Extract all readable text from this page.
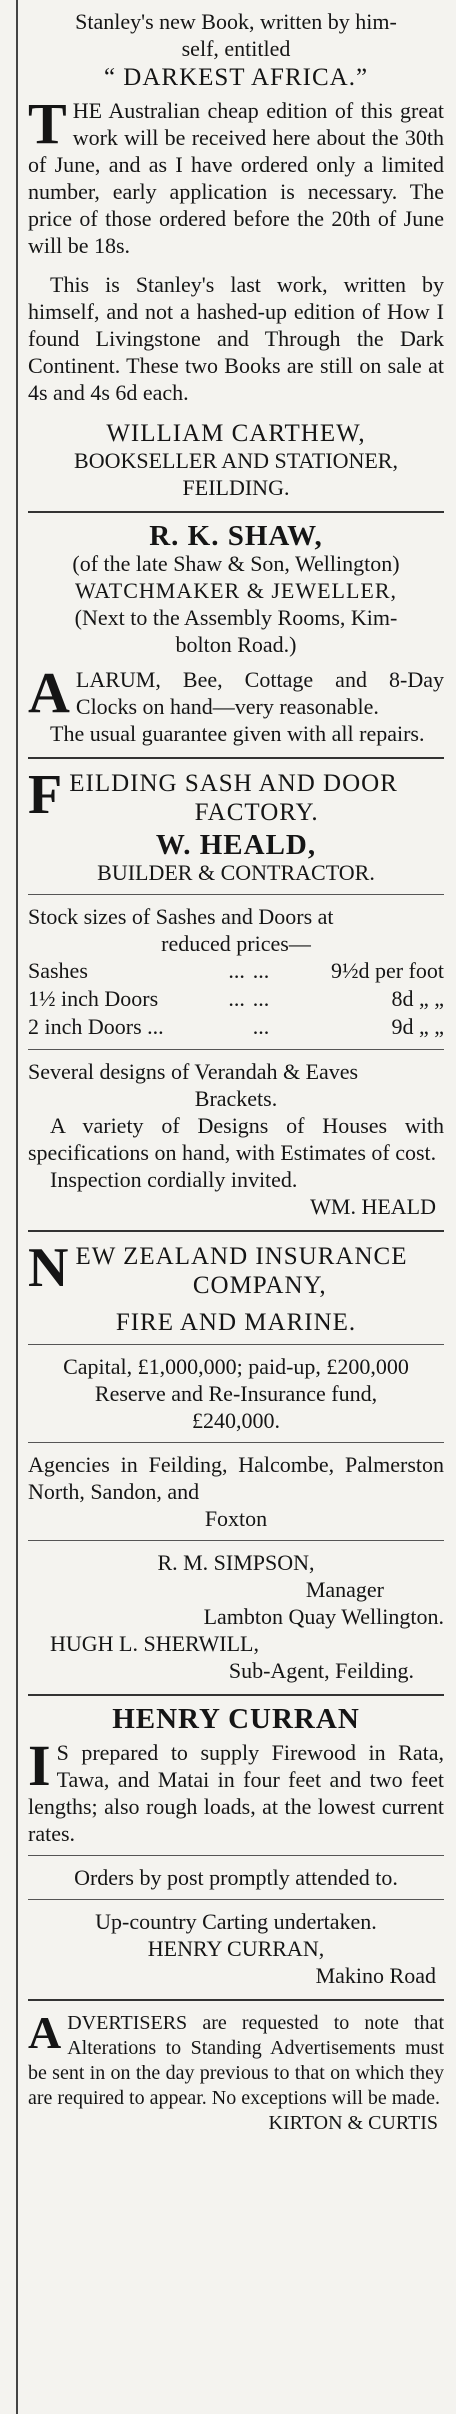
Stanley's new Book, written by him-

self, entitled

“ DARKEST AFRICA.”

T HE Australian cheap edition of this great work will be received here about the 30th of June, and as I have ordered only a limited number, early application is necessary. The price of those ordered before the 20th of June will be 18s.

This is Stanley's last work, written by himself, and not a hashed-up edition of How I found Livingstone and Through the Dark Continent. These two Books are still on sale at 4s and 4s 6d each.

WILLIAM CARTHEW,

BOOKSELLER AND STATIONER,

FEILDING.

R. K. SHAW,

(of the late Shaw & Son, Wellington)

WATCHMAKER & JEWELLER,

(Next to the Assembly Rooms, Kim-

bolton Road.)

A LARUM, Bee, Cottage and 8-Day Clocks on hand—very reasonable.

The usual guarantee given with all repairs.

F EILDING SASH AND DOOR

FACTORY.

W. HEALD,

BUILDER & CONTRACTOR.

Stock sizes of Sashes and Doors at

reduced prices—

Sashes	...	...	9½d per foot
1½ inch Doors	...	...	8d „ „
2 inch Doors ...		...	9d „ „

Several designs of Verandah & Eaves

Brackets.

A variety of Designs of Houses with specifications on hand, with Estimates of cost.

Inspection cordially invited.

WM. HEALD

N EW ZEALAND INSURANCE

COMPANY,

FIRE AND MARINE.

Capital, £1,000,000; paid-up, £200,000

Reserve and Re-Insurance fund,

£240,000.

Agencies in Feilding, Halcombe, Palmerston North, Sandon, and

Foxton

R. M. SIMPSON,

Manager

Lambton Quay Wellington.

HUGH L. SHERWILL,

Sub-Agent, Feilding.

HENRY CURRAN

I S prepared to supply Firewood in Rata, Tawa, and Matai in four feet and two feet lengths; also rough loads, at the lowest current rates.

Orders by post promptly attended to.

Up-country Carting undertaken.

HENRY CURRAN,

Makino Road

A DVERTISERS are requested to note that Alterations to Standing Advertisements must be sent in on the day previous to that on which they are required to appear. No exceptions will be made.

KIRTON & CURTIS
